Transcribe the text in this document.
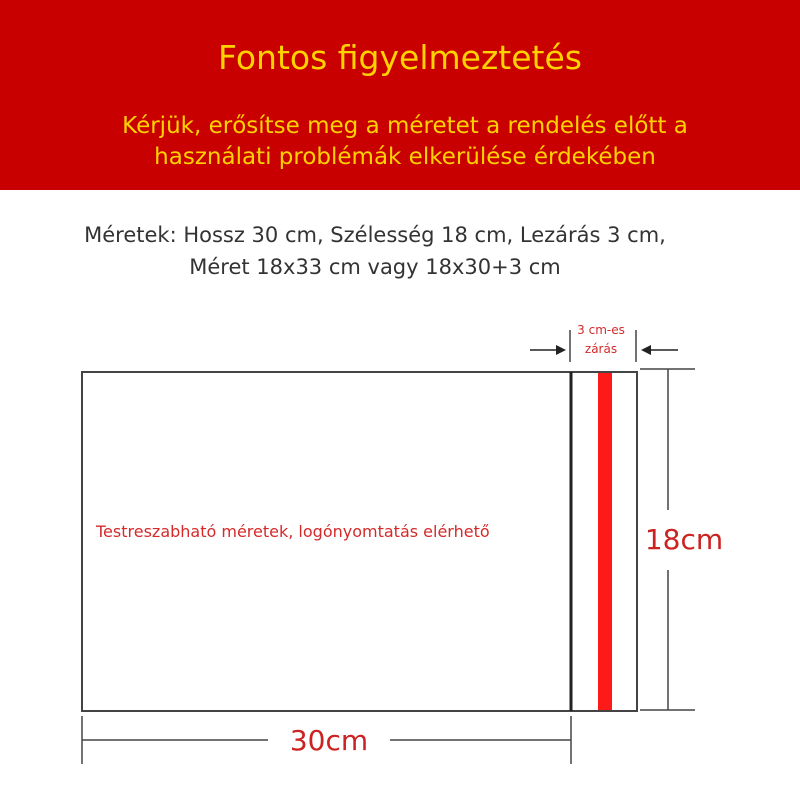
Fontos figyelmeztetés
Kérjük, erősítse meg a méretet a rendelés előtt a
használati problémák elkerülése érdekében
Méretek: Hossz 30 cm, Szélesség 18 cm, Lezárás 3 cm,
Méret 18x33 cm vagy 18x30+3 cm
3 cm-es
zárás
Testreszabható méretek, logónyomtatás elérhető	18cm
30cm
